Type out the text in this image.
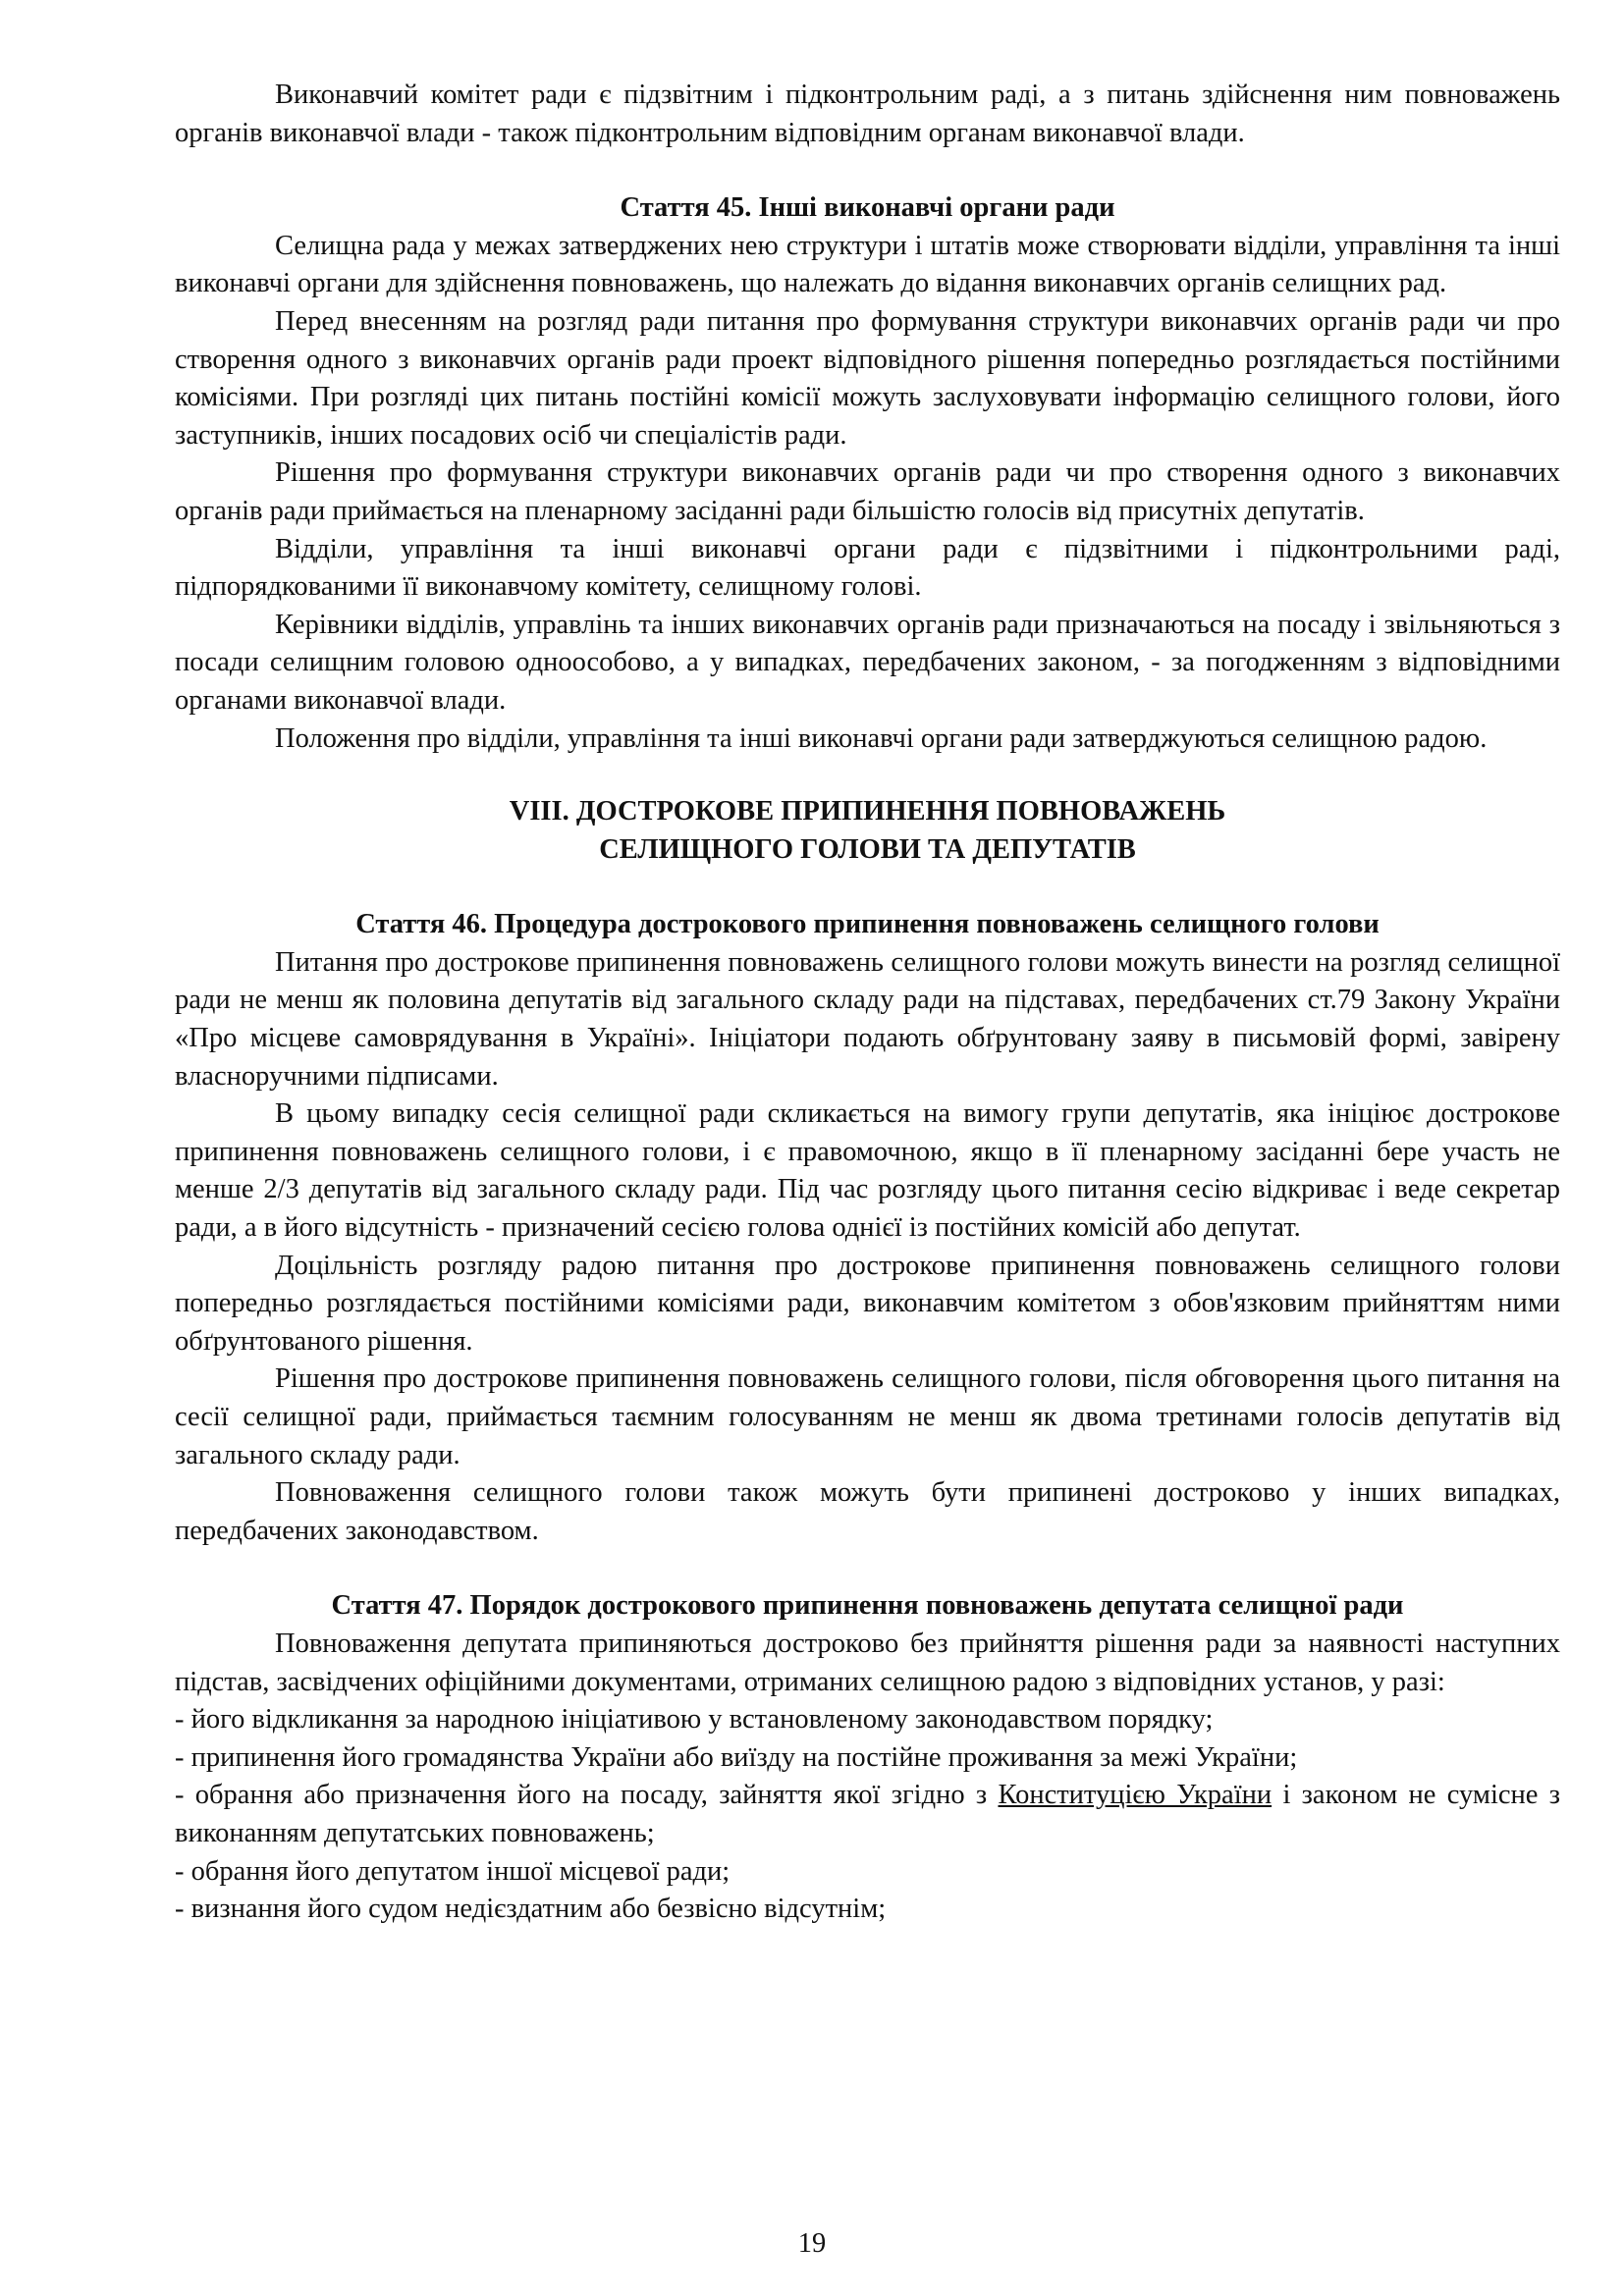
Виконавчий комітет ради є підзвітним і підконтрольним раді, а з питань здійснення ним повноважень органів виконавчої влади - також підконтрольним відповідним органам виконавчої влади.

Стаття 45. Інші виконавчі органи ради

Селищна рада у межах затверджених нею структури і штатів може створювати відділи, управління та інші виконавчі органи для здійснення повноважень, що належать до відання виконавчих органів селищних рад.

Перед внесенням на розгляд ради питання про формування структури виконавчих органів ради чи про створення одного з виконавчих органів ради проект відповідного рішення попередньо розглядається постійними комісіями. При розгляді цих питань постійні комісії можуть заслуховувати інформацію селищного голови, його заступників, інших посадових осіб чи спеціалістів ради.

Рішення про формування структури виконавчих органів ради чи про створення одного з виконавчих органів ради приймається на пленарному засіданні ради більшістю голосів від присутніх депутатів.

Відділи, управління та інші виконавчі органи ради є підзвітними і підконтрольними раді, підпорядкованими її виконавчому комітету, селищному голові.

Керівники відділів, управлінь та інших виконавчих органів ради призначаються на посаду і звільняються з посади селищним головою одноособово, а у випадках, передбачених законом, - за погодженням з відповідними органами виконавчої влади.

Положення про відділи, управління та інші виконавчі органи ради затверджуються селищною радою.

VIII. ДОСТРОКОВЕ ПРИПИНЕННЯ ПОВНОВАЖЕНЬ
СЕЛИЩНОГО ГОЛОВИ ТА ДЕПУТАТІВ

Стаття 46. Процедура дострокового припинення повноважень селищного голови

Питання про дострокове припинення повноважень селищного голови можуть винести на розгляд селищної ради не менш як половина депутатів від загального складу ради на підставах, передбачених ст.79 Закону України «Про місцеве самоврядування в Україні». Ініціатори подають обґрунтовану заяву в письмовій формі, завірену власноручними підписами.

В цьому випадку сесія селищної ради скликається на вимогу групи депутатів, яка ініціює дострокове припинення повноважень селищного голови, і є правомочною, якщо в її пленарному засіданні бере участь не менше 2/3 депутатів від загального складу ради. Під час розгляду цього питання сесію відкриває і веде секретар ради, а в його відсутність - призначений сесією голова однієї із постійних комісій або депутат.

Доцільність розгляду радою питання про дострокове припинення повноважень селищного голови попередньо розглядається постійними комісіями ради, виконавчим комітетом з обов'язковим прийняттям ними обґрунтованого рішення.

Рішення про дострокове припинення повноважень селищного голови, після обговорення цього питання на сесії селищної ради, приймається таємним голосуванням не менш як двома третинами голосів депутатів від загального складу ради.

Повноваження селищного голови також можуть бути припинені достроково у інших випадках, передбачених законодавством.

Стаття 47. Порядок дострокового припинення повноважень депутата селищної ради

Повноваження депутата припиняються достроково без прийняття рішення ради за наявності наступних підстав, засвідчених офіційними документами, отриманих селищною радою з відповідних установ, у разі:

- його відкликання за народною ініціативою у встановленому законодавством порядку;

- припинення його громадянства України або виїзду на постійне проживання за межі України;

- обрання або призначення його на посаду, зайняття якої згідно з Конституцією України і законом не сумісне з виконанням депутатських повноважень;

- обрання його депутатом іншої місцевої ради;

- визнання його судом недієздатним або безвісно відсутнім;

19
